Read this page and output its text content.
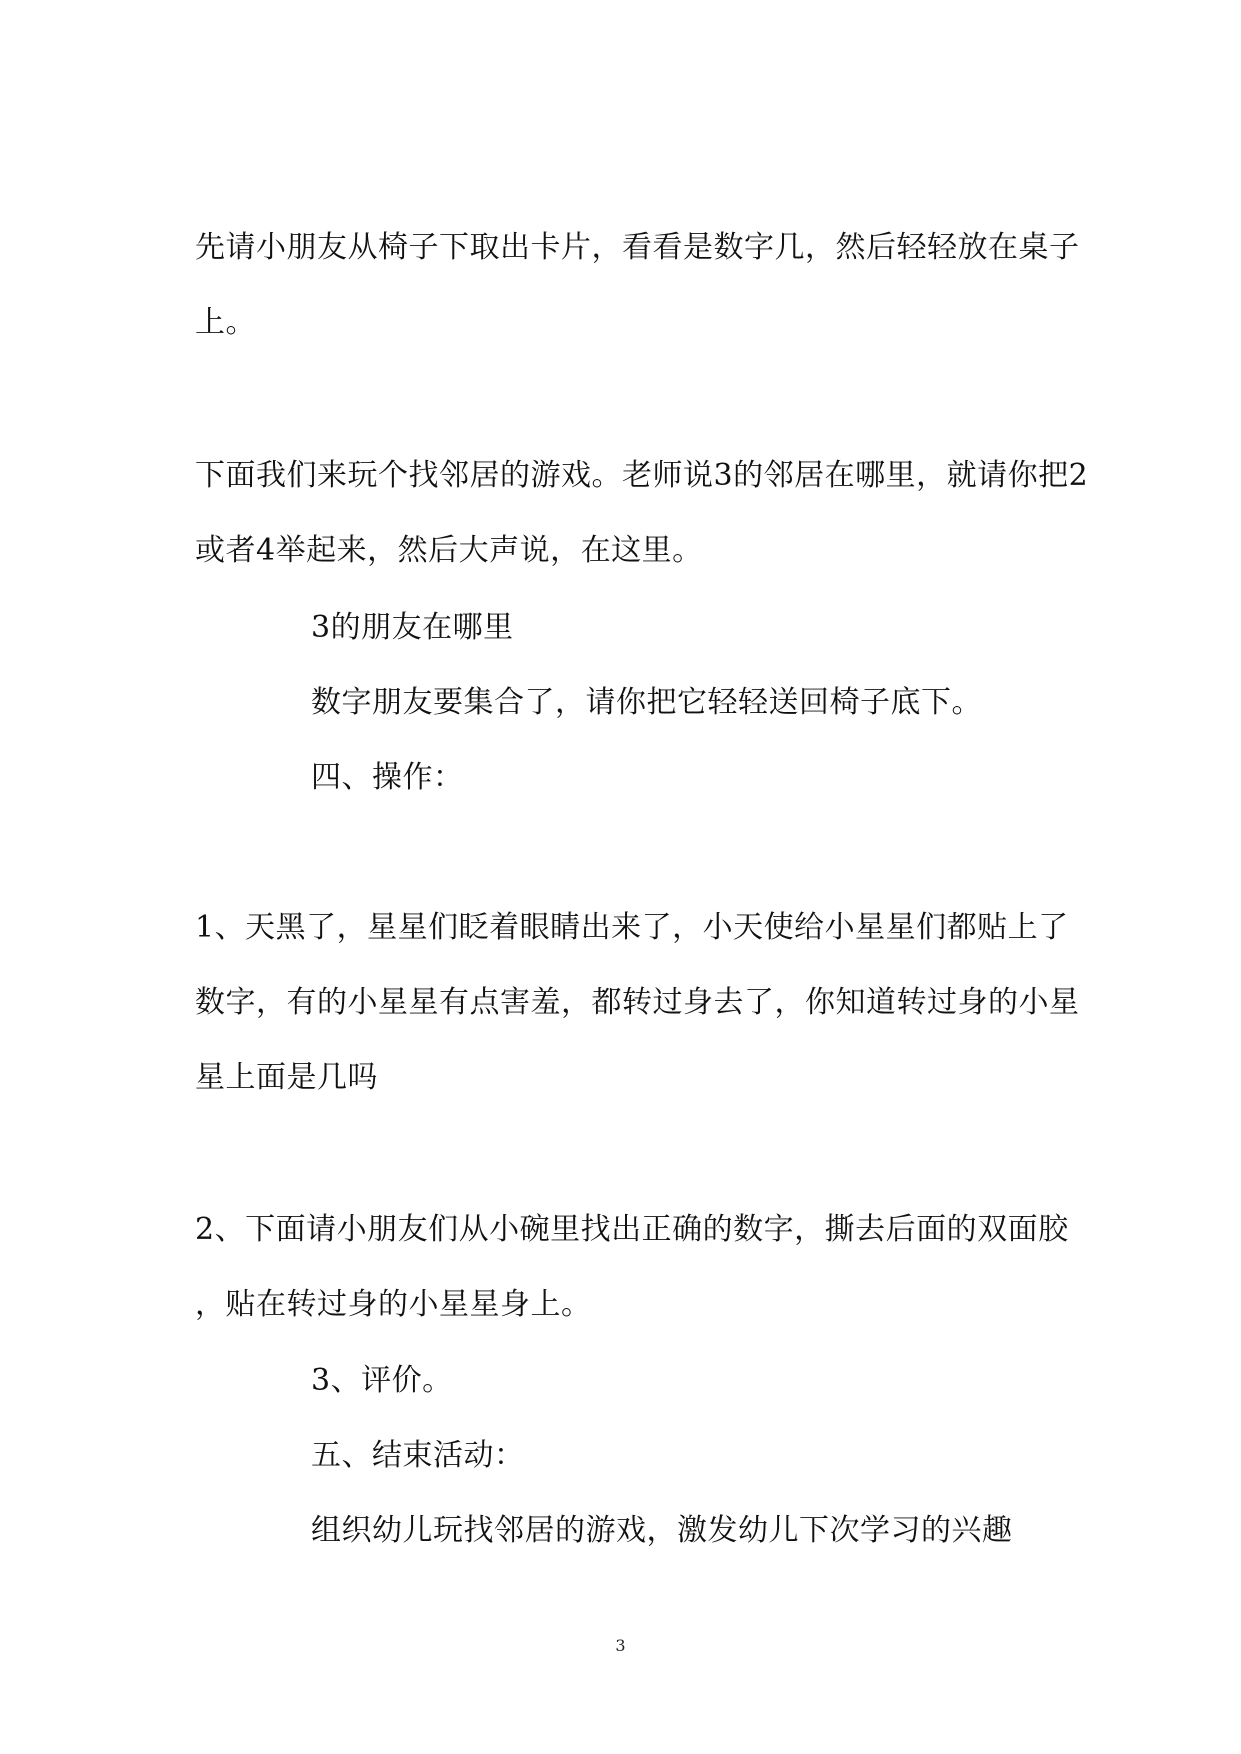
先请小朋友从椅子下取出卡片，看看是数字几，然后轻轻放在桌子
上。
下面我们来玩个找邻居的游戏。老师说3的邻居在哪里，就请你把2
或者4举起来，然后大声说，在这里。
3的朋友在哪里
数字朋友要集合了，请你把它轻轻送回椅子底下。
四、操作：
1、天黑了，星星们眨着眼睛出来了，小天使给小星星们都贴上了
数字，有的小星星有点害羞，都转过身去了，你知道转过身的小星
星上面是几吗
2、下面请小朋友们从小碗里找出正确的数字，撕去后面的双面胶
，贴在转过身的小星星身上。
3、评价。
五、结束活动：
组织幼儿玩找邻居的游戏，激发幼儿下次学习的兴趣
3
